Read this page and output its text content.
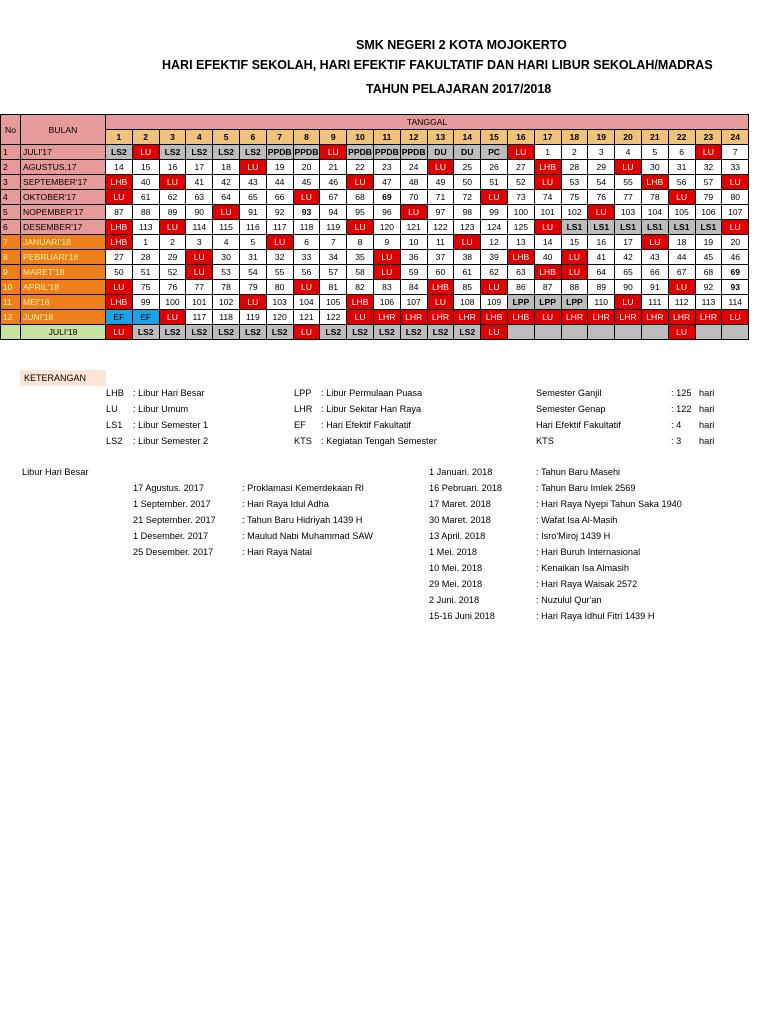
SMK NEGERI 2 KOTA MOJOKERTO
HARI EFEKTIF SEKOLAH, HARI EFEKTIF FAKULTATIF DAN HARI LIBUR SEKOLAH/MADRAS
TAHUN PELAJARAN 2017/2018
No	BULAN	TANGGAL																							
		1	2	3	4	5	6	7	8	9	10	11	12	13	14	15	16	17	18	19	20	21	22	23	24
1	JULI'17	LS2	LU	LS2	LS2	LS2	LS2	PPDB	PPDB	LU	PPDB	PPDB	PPDB	DU	DU	PC	LU	1	2	3	4	5	6	LU	7
2	AGUSTUS,17	14	15	16	17	18	LU	19	20	21	22	23	24	LU	25	26	27	LHB	28	29	LU	30	31	32	33
3	SEPTEMBER'17	LHB	40	LU	41	42	43	44	45	46	LU	47	48	49	50	51	52	LU	53	54	55	LHB	56	57	LU
4	OKTOBER'17	LU	61	62	63	64	65	66	LU	67	68	69	70	71	72	LU	73	74	75	76	77	78	LU	79	80
5	NOPEMBER'17	87	88	89	90	LU	91	92	93	94	95	96	LU	97	98	99	100	101	102	LU	103	104	105	106	107
6	DESEMBER'17	LHB	113	LU	114	115	116	117	118	119	LU	120	121	122	123	124	125	LU	LS1	LS1	LS1	LS1	LS1	LS1	LU
7	JANUARI'18	LHB	1	2	3	4	5	LU	6	7	8	9	10	11	LU	12	13	14	15	16	17	LU	18	19	20
8	PEBRUARI'18	27	28	29	LU	30	31	32	33	34	35	LU	36	37	38	39	LHB	40	LU	41	42	43	44	45	46
9	MARET'18	50	51	52	LU	53	54	55	56	57	58	LU	59	60	61	62	63	LHB	LU	64	65	66	67	68	69
10	APRIL'18	LU	75	76	77	78	79	80	LU	81	82	83	84	LHB	85	LU	86	87	88	89	90	91	LU	92	93
11	MEI'18	LHB	99	100	101	102	LU	103	104	105	LHB	106	107	LU	108	109	LPP	LPP	LPP	110	LU	111	112	113	114
12	JUNI'18	EF	EF	LU	117	118	119	120	121	122	LU	LHR	LHR	LHR	LHR	LHB	LHB	LU	LHR	LHR	LHR	LHR	LHR	LHR	LU
	JULI'18	LU	LS2	LS2	LS2	LS2	LS2	LS2	LU	LS2	LS2	LS2	LS2	LS2	LS2	LU							LU		
KETERANGAN
LHB : Libur Hari Besar
LU : Libur Umum
LS1 : Libur Semester 1
LS2 : Libur Semester 2
LPP : Libur Permulaan Puasa
LHR : Libur Sekitar Hari Raya
EF : Hari Efektif Fakultatif
KTS : Kegiatan Tengah Semester
Semester Ganjil	: 125 hari
Semester Genap	: 122 hari
Hari Efektif Fakultatif	: 4 hari
KTS	: 3 hari
Libur Hari Besar
17 Agustus. 2017	: Proklamasi Kemerdekaan RI
1 September. 2017	: Hari Raya Idul Adha
21 September. 2017	: Tahun Baru Hidriyah 1439 H
1 Desember. 2017	: Maulud Nabi Muhammad SAW
25 Desember. 2017	: Hari Raya Natal
1 Januari. 2018	: Tahun Baru Masehi
16 Pebruari. 2018	: Tahun Baru Imlek 2569
17 Maret. 2018	: Hari Raya Nyepi Tahun Saka 1940
30 Maret. 2018	: Wafat Isa Al-Masih
13 April. 2018	: Isro'Miroj 1439 H
1 Mei. 2018	: Hari Buruh Internasional
10 Mei. 2018	: Kenaikan Isa Almasih
29 Mei. 2018	: Hari Raya Waisak 2572
2 Juni. 2018	: Nuzulul Qur'an
15-16 Juni 2018	: Hari Raya Idhul Fitri 1439 H
